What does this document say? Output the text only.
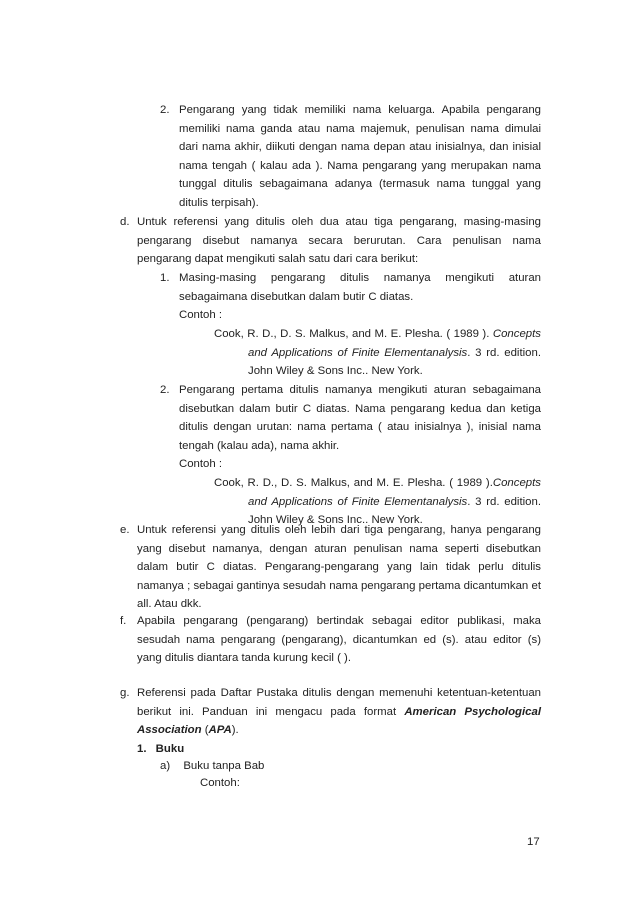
2. Pengarang yang tidak memiliki nama keluarga. Apabila pengarang memiliki nama ganda atau nama majemuk, penulisan nama dimulai dari nama akhir, diikuti dengan nama depan atau inisialnya, dan inisial nama tengah ( kalau ada ). Nama pengarang yang merupakan nama tunggal ditulis sebagaimana adanya (termasuk nama tunggal yang ditulis terpisah).
d. Untuk referensi yang ditulis oleh dua atau tiga pengarang, masing-masing pengarang disebut namanya secara berurutan. Cara penulisan nama pengarang dapat mengikuti salah satu dari cara berikut:
1. Masing-masing pengarang ditulis namanya mengikuti aturan sebagaimana disebutkan dalam butir C diatas.
Contoh :

Cook, R. D., D. S. Malkus, and M. E. Plesha. ( 1989 ). Concepts and Applications of Finite Elementanalysis. 3 rd. edition. John Wiley & Sons Inc.. New York.

2. Pengarang pertama ditulis namanya mengikuti aturan sebagaimana disebutkan dalam butir C diatas. Nama pengarang kedua dan ketiga ditulis dengan urutan: nama pertama ( atau inisialnya ), inisial nama tengah (kalau ada), nama akhir.
Contoh :

Cook, R. D., D. S. Malkus, and M. E. Plesha. ( 1989 ).Concepts and Applications of Finite Elementanalysis. 3 rd. edition. John Wiley & Sons Inc.. New York.

e. Untuk referensi yang ditulis oleh lebih dari tiga pengarang, hanya pengarang yang disebut namanya, dengan aturan penulisan nama seperti disebutkan dalam butir C diatas. Pengarang-pengarang yang lain tidak perlu ditulis namanya ; sebagai gantinya sesudah nama pengarang pertama dicantumkan et all. Atau dkk.
f. Apabila pengarang (pengarang) bertindak sebagai editor publikasi, maka sesudah nama pengarang (pengarang), dicantumkan ed (s). atau editor (s) yang ditulis diantara tanda kurung kecil ( ).
g. Referensi pada Daftar Pustaka ditulis dengan memenuhi ketentuan-ketentuan berikut ini. Panduan ini mengacu pada format American Psychological Association (APA).
1. Buku
a) Buku tanpa Bab
Contoh:
17
